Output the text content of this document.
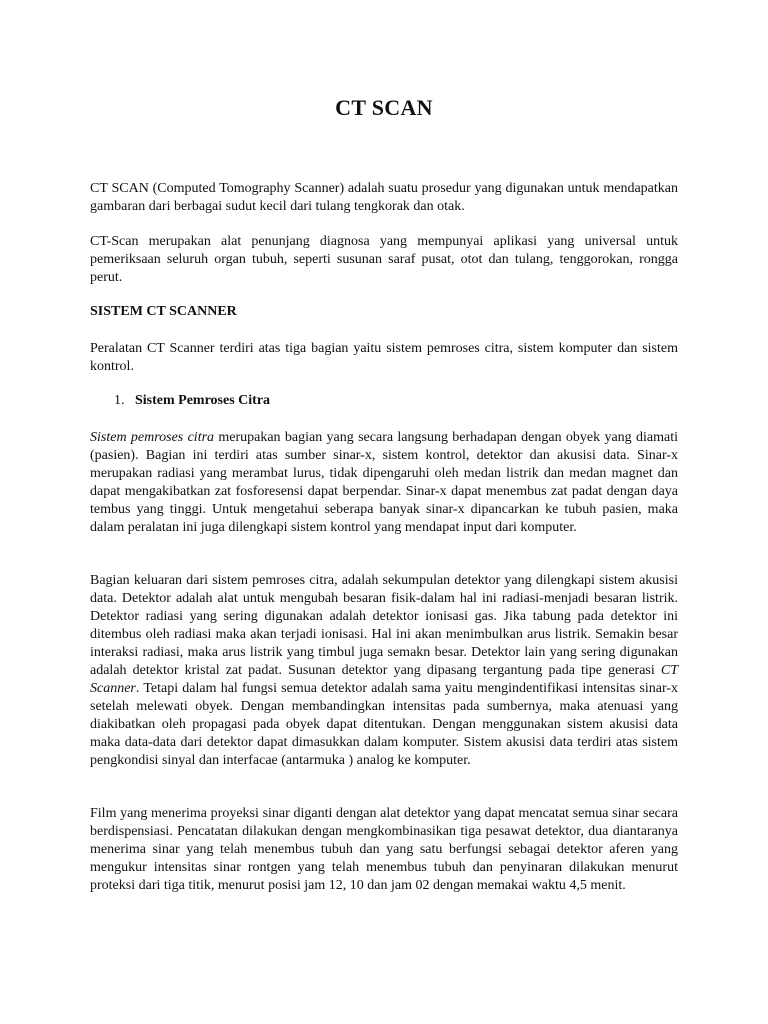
CT SCAN

CT SCAN (Computed Tomography Scanner) adalah suatu prosedur yang digunakan untuk mendapatkan gambaran dari berbagai sudut kecil dari tulang tengkorak dan otak.

CT-Scan merupakan alat penunjang diagnosa yang mempunyai aplikasi yang universal untuk pemeriksaan seluruh organ tubuh, seperti susunan saraf pusat, otot dan tulang, tenggorokan, rongga perut.

SISTEM CT SCANNER

Peralatan CT Scanner terdiri atas tiga bagian yaitu sistem pemroses citra, sistem komputer dan sistem kontrol.

1. Sistem Pemroses Citra

Sistem pemroses citra merupakan bagian yang secara langsung berhadapan dengan obyek yang diamati (pasien). Bagian ini terdiri atas sumber sinar-x, sistem kontrol, detektor dan akusisi data. Sinar-x merupakan radiasi yang merambat lurus, tidak dipengaruhi oleh medan listrik dan medan magnet dan dapat mengakibatkan zat fosforesensi dapat berpendar. Sinar-x dapat menembus zat padat dengan daya tembus yang tinggi. Untuk mengetahui seberapa banyak sinar-x dipancarkan ke tubuh pasien, maka dalam peralatan ini juga dilengkapi sistem kontrol yang mendapat input dari komputer.

Bagian keluaran dari sistem pemroses citra, adalah sekumpulan detektor yang dilengkapi sistem akusisi data. Detektor adalah alat untuk mengubah besaran fisik-dalam hal ini radiasi-menjadi besaran listrik. Detektor radiasi yang sering digunakan adalah detektor ionisasi gas. Jika tabung pada detektor ini ditembus oleh radiasi maka akan terjadi ionisasi. Hal ini akan menimbulkan arus listrik. Semakin besar interaksi radiasi, maka arus listrik yang timbul juga semakn besar. Detektor lain yang sering digunakan adalah detektor kristal zat padat. Susunan detektor yang dipasang tergantung pada tipe generasi CT Scanner. Tetapi dalam hal fungsi semua detektor adalah sama yaitu mengindentifikasi intensitas sinar-x setelah melewati obyek. Dengan membandingkan intensitas pada sumbernya, maka atenuasi yang diakibatkan oleh propagasi pada obyek dapat ditentukan. Dengan menggunakan sistem akusisi data maka data-data dari detektor dapat dimasukkan dalam komputer. Sistem akusisi data terdiri atas sistem pengkondisi sinyal dan interfacae (antarmuka ) analog ke komputer.

Film yang menerima proyeksi sinar diganti dengan alat detektor yang dapat mencatat semua sinar secara berdispensiasi. Pencatatan dilakukan dengan mengkombinasikan tiga pesawat detektor, dua diantaranya menerima sinar yang telah menembus tubuh dan yang satu berfungsi sebagai detektor aferen yang mengukur intensitas sinar rontgen yang telah menembus tubuh dan penyinaran dilakukan menurut proteksi dari tiga titik, menurut posisi jam 12, 10 dan jam 02 dengan memakai waktu 4,5 menit.
